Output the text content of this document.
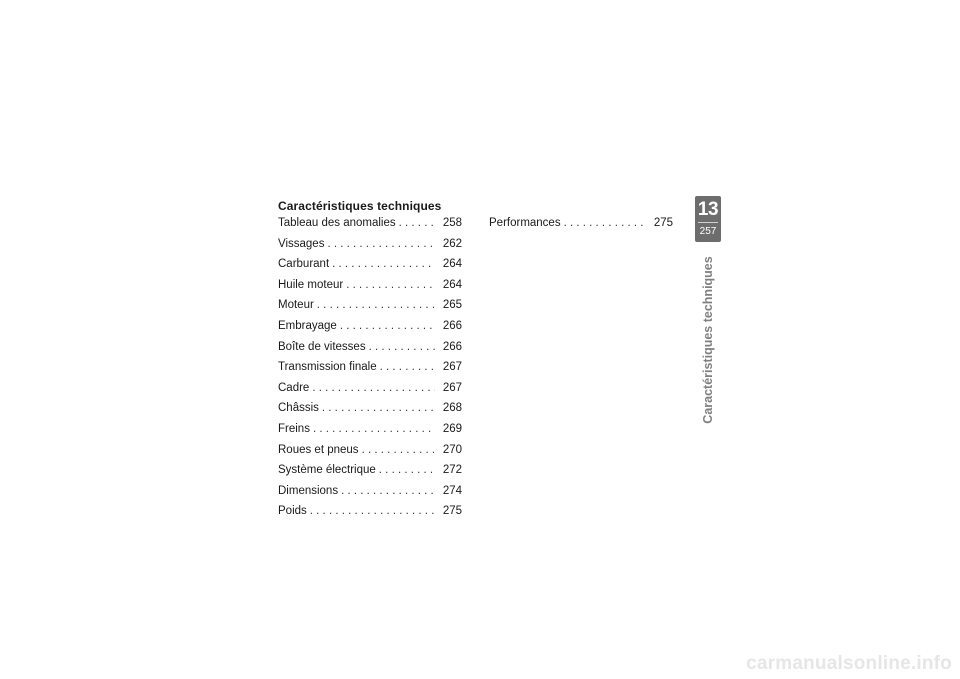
Caractéristiques techniques
Tableau des anomalies . . .	258
Vissages . . .	262
Carburant . . .	264
Huile moteur . . .	264
Moteur . . .	265
Embrayage . . .	266
Boîte de vitesses . . .	266
Transmission finale . . .	267
Cadre . . .	267
Châssis . . .	268
Freins . . .	269
Roues et pneus . . .	270
Système électrique . . .	272
Dimensions . . .	274
Poids . . .	275
Performances . . .	275
13
257
Caractéristiques techniques
carmanualsonline.info
